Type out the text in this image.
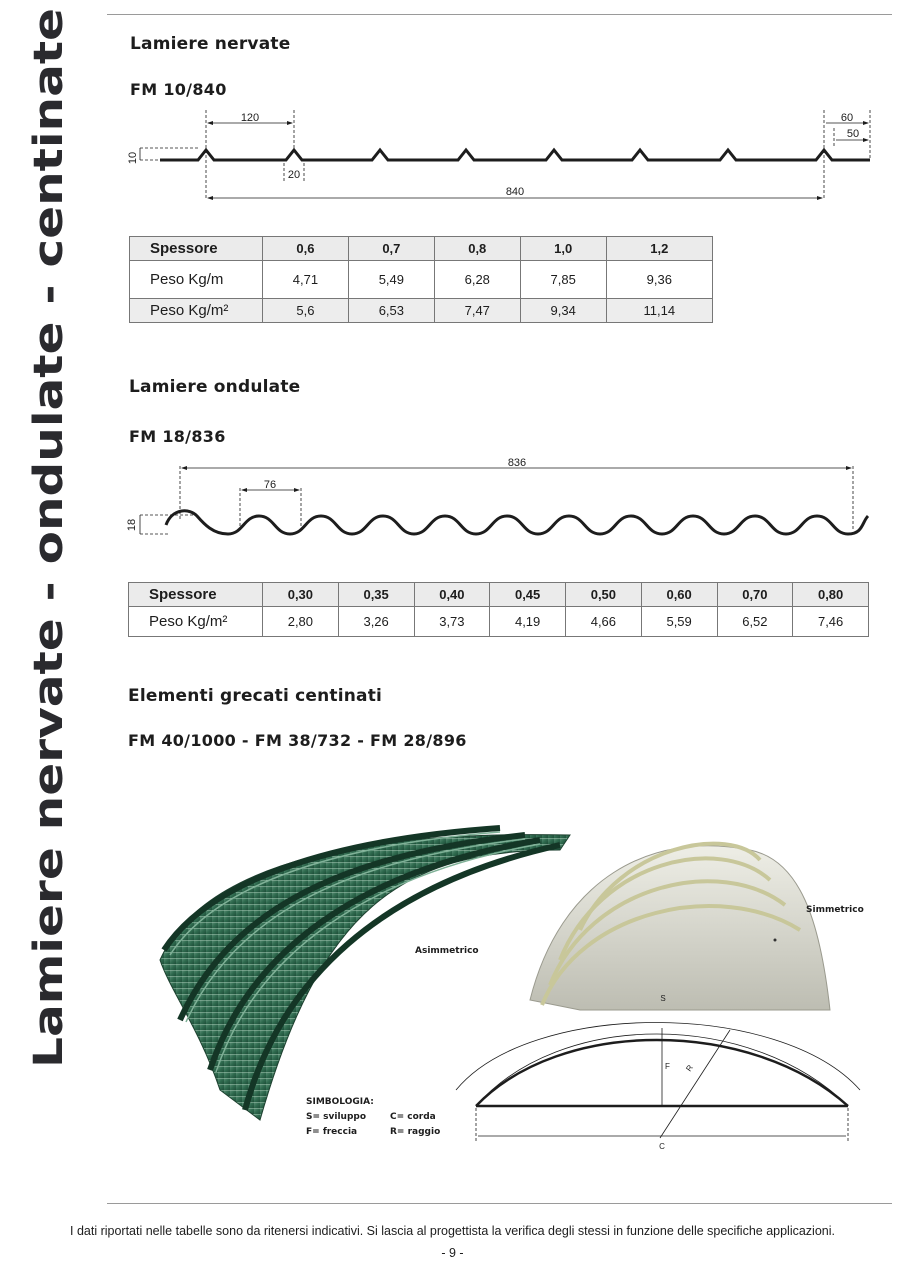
Lamiere nervate - ondulate - centinate
Lamiere nervate
FM 10/840
120
20
840
60
50
10
836
76
18
Spessore	0,6	0,7	0,8	1,0	1,2
Peso Kg/m	4,71	5,49	6,28	7,85	9,36
Peso Kg/m²	5,6	6,53	7,47	9,34	11,14
Lamiere ondulate
FM 18/836
Spessore	0,30	0,35	0,40	0,45	0,50	0,60	0,70	0,80
Peso Kg/m²	2,80	3,26	3,73	4,19	4,66	5,59	6,52	7,46
Elementi grecati centinati
FM 40/1000 - FM 38/732 - FM 28/896
Asimmetrico
Simmetrico
S
F R
C
SIMBOLOGIA:
S= sviluppo	C= corda
F= freccia	R= raggio
I dati riportati nelle tabelle sono da ritenersi indicativi. Si lascia al progettista la verifica degli stessi in funzione delle specifiche applicazioni.
- 9 -
